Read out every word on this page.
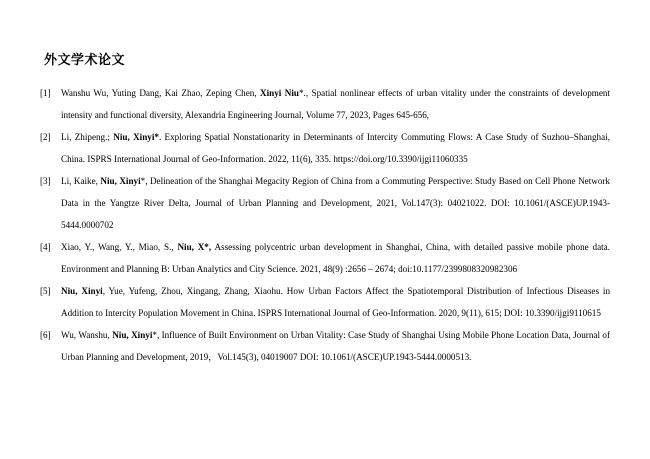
外文学术论文
[1]	Wanshu Wu, Yuting Dang, Kai Zhao, Zeping Chen, Xinyi Niu*., Spatial nonlinear effects of urban vitality under the constraints of development intensity and functional diversity, Alexandria Engineering Journal, Volume 77, 2023, Pages 645-656,
[2]	Li, Zhipeng.; Niu, Xinyi*. Exploring Spatial Nonstationarity in Determinants of Intercity Commuting Flows: A Case Study of Suzhou–Shanghai, China. ISPRS International Journal of Geo-Information. 2022, 11(6), 335. https://doi.org/10.3390/ijgi11060335
[3]	Li, Kaike, Niu, Xinyi*, Delineation of the Shanghai Megacity Region of China from a Commuting Perspective: Study Based on Cell Phone Network Data in the Yangtze River Delta, Journal of Urban Planning and Development, 2021, Vol.147(3): 04021022. DOI: 10.1061/(ASCE)UP.1943-5444.0000702
[4]	Xiao, Y., Wang, Y., Miao, S., Niu, X*, Assessing polycentric urban development in Shanghai, China, with detailed passive mobile phone data. Environment and Planning B: Urban Analytics and City Science. 2021, 48(9) :2656 – 2674; doi:10.1177/2399808320982306
[5]	Niu, Xinyi, Yue, Yufeng, Zhou, Xingang, Zhang, Xiaohu. How Urban Factors Affect the Spatiotemporal Distribution of Infectious Diseases in Addition to Intercity Population Movement in China. ISPRS International Journal of Geo-Information. 2020, 9(11), 615; DOI: 10.3390/ijgi9110615
[6]	Wu, Wanshu, Niu, Xinyi*, Influence of Built Environment on Urban Vitality: Case Study of Shanghai Using Mobile Phone Location Data, Journal of Urban Planning and Development, 2019，Vol.145(3), 04019007 DOI: 10.1061/(ASCE)UP.1943-5444.0000513.
